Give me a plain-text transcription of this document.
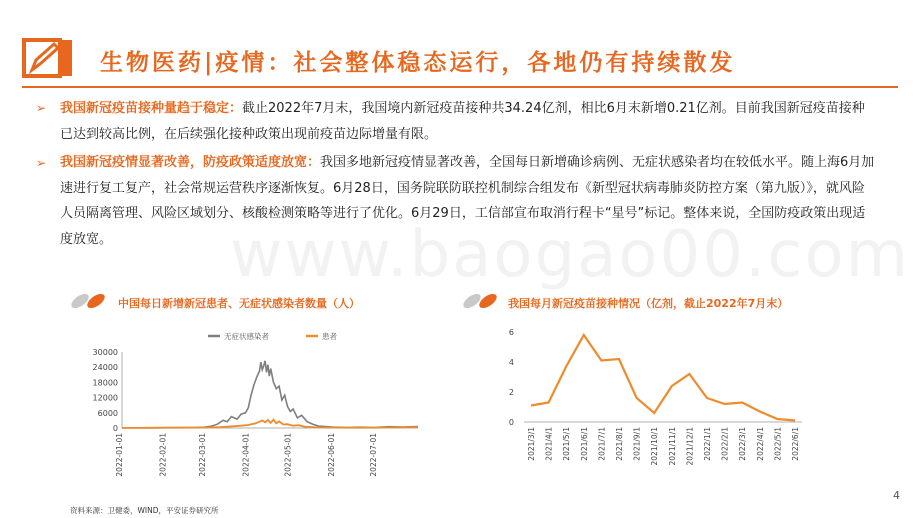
生物医药|疫情：社会整体稳态运行，各地仍有持续散发
➢ 我国新冠疫苗接种量趋于稳定：截止2022年7月末，我国境内新冠疫苗接种共34.24亿剂，相比6月末新增0.21亿剂。目前我国新冠疫苗接种已达到较高比例，在后续强化接种政策出现前疫苗边际增量有限。
➢ 我国新冠疫情显著改善，防疫政策适度放宽：我国多地新冠疫情显著改善，全国每日新增确诊病例、无症状感染者均在较低水平。随上海6月加速进行复工复产，社会常规运营秩序逐渐恢复。6月28日，国务院联防联控机制综合组发布《新型冠状病毒肺炎防控方案（第九版）》，就风险人员隔离管理、风险区域划分、核酸检测策略等进行了优化。6月29日，工信部宣布取消行程卡“星号”标记。整体来说，全国防疫政策出现适度放宽。	www.baogao00.com
中国每日新增新冠患者、无症状感染者数量（人）	我国每月新冠疫苗接种情况（亿剂，截止2022年7月末）
无症状感染者	患者
0
6000
12000
18000
24000
30000
2022-01-01	2022-02-01	2022-03-01	2022-04-01	2022-05-01	2022-06-01	2022-07-01
0
2
4
6
2021/3/1 2021/4/1 2021/5/1 2021/6/1 2021/7/1 2021/8/1 2021/9/1 2021/10/1 2021/11/1 2021/12/1 2022/1/1 2022/2/1 2022/3/1 2022/4/1 2022/5/1 2022/6/1
资料来源：卫健委，WIND，平安证券研究所
4
